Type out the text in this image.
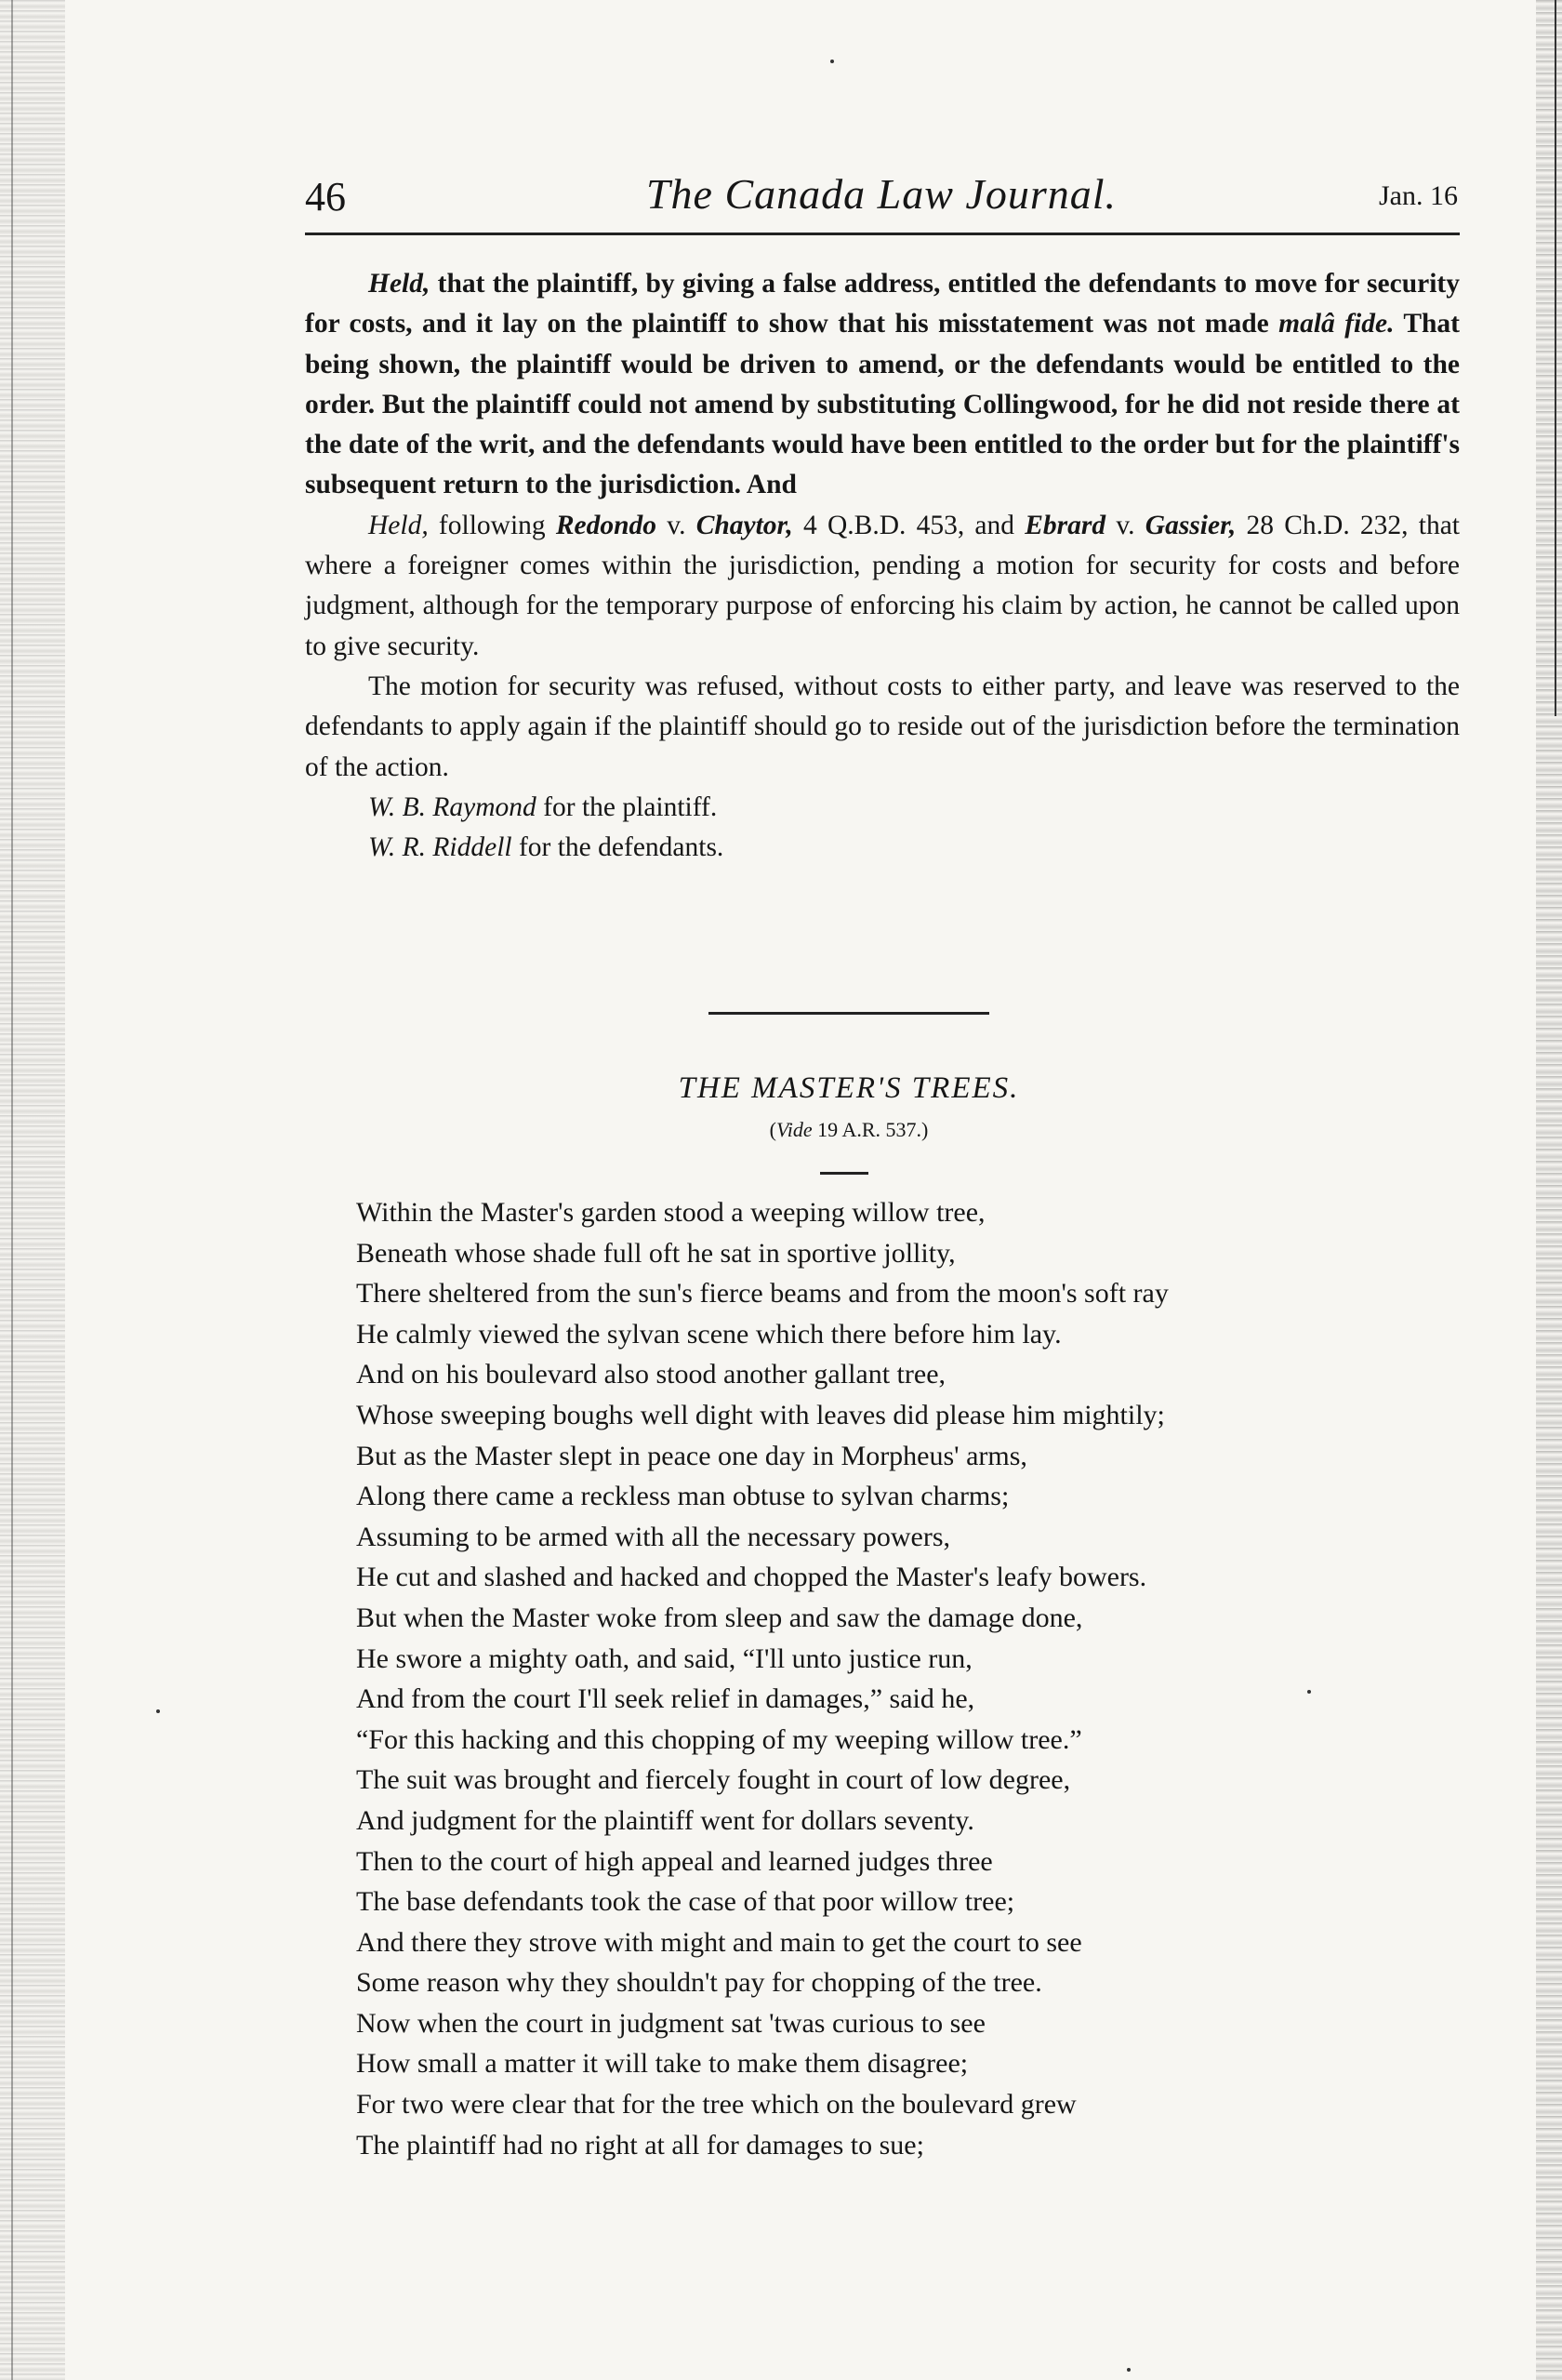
46	The Canada Law Journal.	Jan. 16

Held, that the plaintiff, by giving a false address, entitled the defendants to move for security for costs, and it lay on the plaintiff to show that his misstatement was not made malâ fide. That being shown, the plaintiff would be driven to amend, or the defendants would be entitled to the order. But the plaintiff could not amend by substituting Collingwood, for he did not reside there at the date of the writ, and the defendants would have been entitled to the order but for the plaintiff's subsequent return to the jurisdiction. And

Held, following Redondo v. Chaytor, 4 Q.B.D. 453, and Ebrard v. Gassier, 28 Ch.D. 232, that where a foreigner comes within the jurisdiction, pending a motion for security for costs and before judgment, although for the temporary purpose of enforcing his claim by action, he cannot be called upon to give security.

The motion for security was refused, without costs to either party, and leave was reserved to the defendants to apply again if the plaintiff should go to reside out of the jurisdiction before the termination of the action.

W. B. Raymond for the plaintiff.
W. R. Riddell for the defendants.
THE MASTER'S TREES.
(Vide 19 A.R. 537.)
Within the Master's garden stood a weeping willow tree,
Beneath whose shade full oft he sat in sportive jollity,
There sheltered from the sun's fierce beams and from the moon's soft ray
He calmly viewed the sylvan scene which there before him lay.
And on his boulevard also stood another gallant tree,
Whose sweeping boughs well dight with leaves did please him mightily;
But as the Master slept in peace one day in Morpheus' arms,
Along there came a reckless man obtuse to sylvan charms;
Assuming to be armed with all the necessary powers,
He cut and slashed and hacked and chopped the Master's leafy bowers.
But when the Master woke from sleep and saw the damage done,
He swore a mighty oath, and said, “I'll unto justice run,
And from the court I'll seek relief in damages,” said he,
“For this hacking and this chopping of my weeping willow tree.”
The suit was brought and fiercely fought in court of low degree,
And judgment for the plaintiff went for dollars seventy.
Then to the court of high appeal and learned judges three
The base defendants took the case of that poor willow tree;
And there they strove with might and main to get the court to see
Some reason why they shouldn't pay for chopping of the tree.
Now when the court in judgment sat 'twas curious to see
How small a matter it will take to make them disagree;
For two were clear that for the tree which on the boulevard grew
The plaintiff had no right at all for damages to sue;
